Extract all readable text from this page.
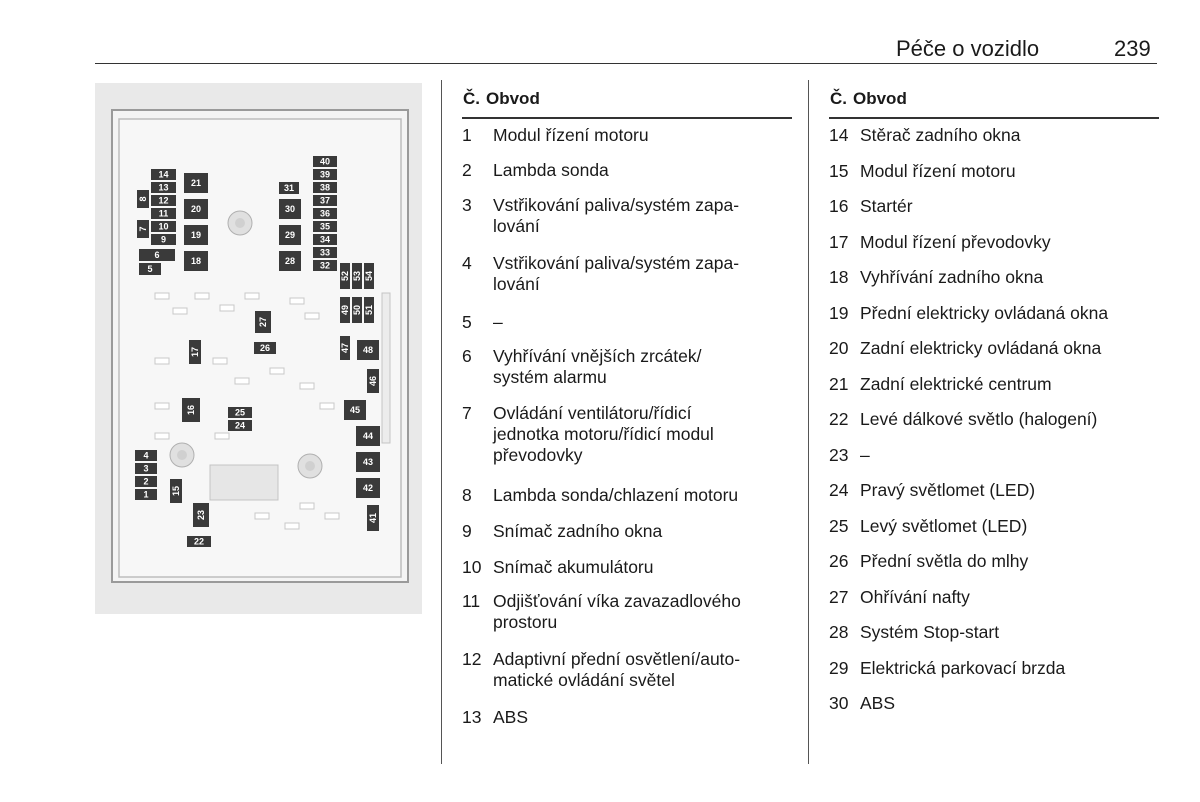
Péče o vozidlo	239
14
13
12
11
10
9
8
7
6
5
21
20
19
18
31
30
29
28
40
39
38
37
36
35
34
33
32
52 53 54
49 50 51
47 48
46
45
44
43
42
41
27
26
17
16	25
24
4
3
2
1 15
23
22
Č. Obvod
1 Modul řízení motoru
2 Lambda sonda
3 Vstřikování paliva/systém zapa-
lování
4 Vstřikování paliva/systém zapa-
lování
5 –
6 Vyhřívání vnějších zrcátek/
systém alarmu
7 Ovládání ventilátoru/řídicí
jednotka motoru/řídicí modul
převodovky
8 Lambda sonda/chlazení motoru
9 Snímač zadního okna
10 Snímač akumulátoru
11 Odjišťování víka zavazadlového
prostoru
12 Adaptivní přední osvětlení/auto-
matické ovládání světel
13 ABS
Č. Obvod
14 Stěrač zadního okna
15 Modul řízení motoru
16 Startér
17 Modul řízení převodovky
18 Vyhřívání zadního okna
19 Přední elektricky ovládaná okna
20 Zadní elektricky ovládaná okna
21 Zadní elektrické centrum
22 Levé dálkové světlo (halogení)
23 –
24 Pravý světlomet (LED)
25 Levý světlomet (LED)
26 Přední světla do mlhy
27 Ohřívání nafty
28 Systém Stop-start
29 Elektrická parkovací brzda
30 ABS
